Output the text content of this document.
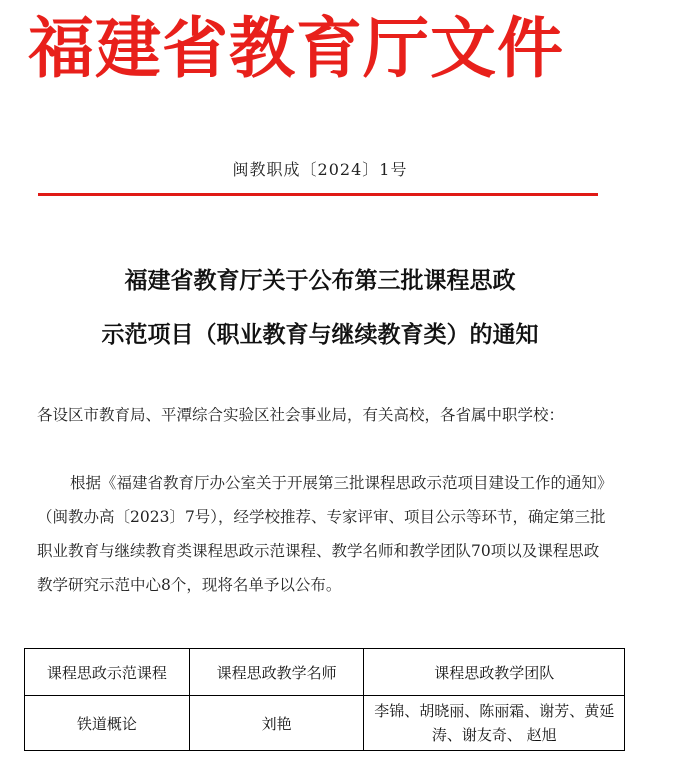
福建省教育厅文件
闽教职成〔2024〕1号
福建省教育厅关于公布第三批课程思政
示范项目（职业教育与继续教育类）的通知
各设区市教育局、平潭综合实验区社会事业局，有关高校，各省属中职学校：
根据《福建省教育厅办公室关于开展第三批课程思政示范项目建设工作的通知》（闽教办高〔2023〕7号），经学校推荐、专家评审、项目公示等环节，确定第三批职业教育与继续教育类课程思政示范课程、教学名师和教学团队70项以及课程思政教学研究示范中心8个，现将名单予以公布。
课程思政示范课程	课程思政教学名师	课程思政教学团队
铁道概论	刘艳	李锦、胡晓丽、陈丽霜、谢芳、黄延涛、谢友奇、 赵旭
